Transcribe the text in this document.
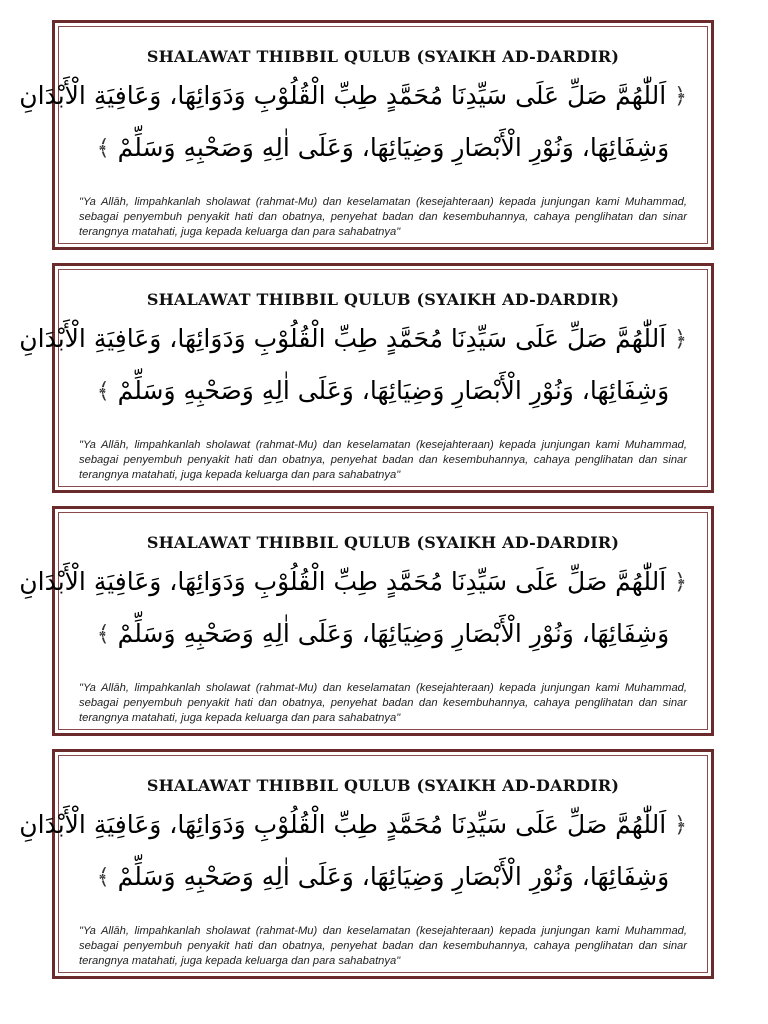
SHALAWAT THIBBIL QULUB (SYAIKH AD-DARDIR)
﴿ اَللّٰهُمَّ صَلِّ عَلَى سَيِّدِنَا مُحَمَّدٍ طِبِّ الْقُلُوْبِ وَدَوَائِهَا، وَعَافِيَةِ الْأَبْدَانِ
وَشِفَائِهَا، وَنُوْرِ الْأَبْصَارِ وَضِيَائِهَا، وَعَلَى اٰلِهِ وَصَحْبِهِ وَسَلِّمْ ﴾
"Ya Allāh, limpahkanlah sholawat (rahmat-Mu) dan keselamatan (kesejahteraan) kepada junjungan kami Muhammad, sebagai penyembuh penyakit hati dan obatnya, penyehat badan dan kesembuhannya, cahaya penglihatan dan sinar terangnya matahati, juga kepada keluarga dan para sahabatnya"
SHALAWAT THIBBIL QULUB (SYAIKH AD-DARDIR)
﴿ اَللّٰهُمَّ صَلِّ عَلَى سَيِّدِنَا مُحَمَّدٍ طِبِّ الْقُلُوْبِ وَدَوَائِهَا، وَعَافِيَةِ الْأَبْدَانِ
وَشِفَائِهَا، وَنُوْرِ الْأَبْصَارِ وَضِيَائِهَا، وَعَلَى اٰلِهِ وَصَحْبِهِ وَسَلِّمْ ﴾
"Ya Allāh, limpahkanlah sholawat (rahmat-Mu) dan keselamatan (kesejahteraan) kepada junjungan kami Muhammad, sebagai penyembuh penyakit hati dan obatnya, penyehat badan dan kesembuhannya, cahaya penglihatan dan sinar terangnya matahati, juga kepada keluarga dan para sahabatnya"
SHALAWAT THIBBIL QULUB (SYAIKH AD-DARDIR)
﴿ اَللّٰهُمَّ صَلِّ عَلَى سَيِّدِنَا مُحَمَّدٍ طِبِّ الْقُلُوْبِ وَدَوَائِهَا، وَعَافِيَةِ الْأَبْدَانِ
وَشِفَائِهَا، وَنُوْرِ الْأَبْصَارِ وَضِيَائِهَا، وَعَلَى اٰلِهِ وَصَحْبِهِ وَسَلِّمْ ﴾
"Ya Allāh, limpahkanlah sholawat (rahmat-Mu) dan keselamatan (kesejahteraan) kepada junjungan kami Muhammad, sebagai penyembuh penyakit hati dan obatnya, penyehat badan dan kesembuhannya, cahaya penglihatan dan sinar terangnya matahati, juga kepada keluarga dan para sahabatnya"
SHALAWAT THIBBIL QULUB (SYAIKH AD-DARDIR)
﴿ اَللّٰهُمَّ صَلِّ عَلَى سَيِّدِنَا مُحَمَّدٍ طِبِّ الْقُلُوْبِ وَدَوَائِهَا، وَعَافِيَةِ الْأَبْدَانِ
وَشِفَائِهَا، وَنُوْرِ الْأَبْصَارِ وَضِيَائِهَا، وَعَلَى اٰلِهِ وَصَحْبِهِ وَسَلِّمْ ﴾
"Ya Allāh, limpahkanlah sholawat (rahmat-Mu) dan keselamatan (kesejahteraan) kepada junjungan kami Muhammad, sebagai penyembuh penyakit hati dan obatnya, penyehat badan dan kesembuhannya, cahaya penglihatan dan sinar terangnya matahati, juga kepada keluarga dan para sahabatnya"
